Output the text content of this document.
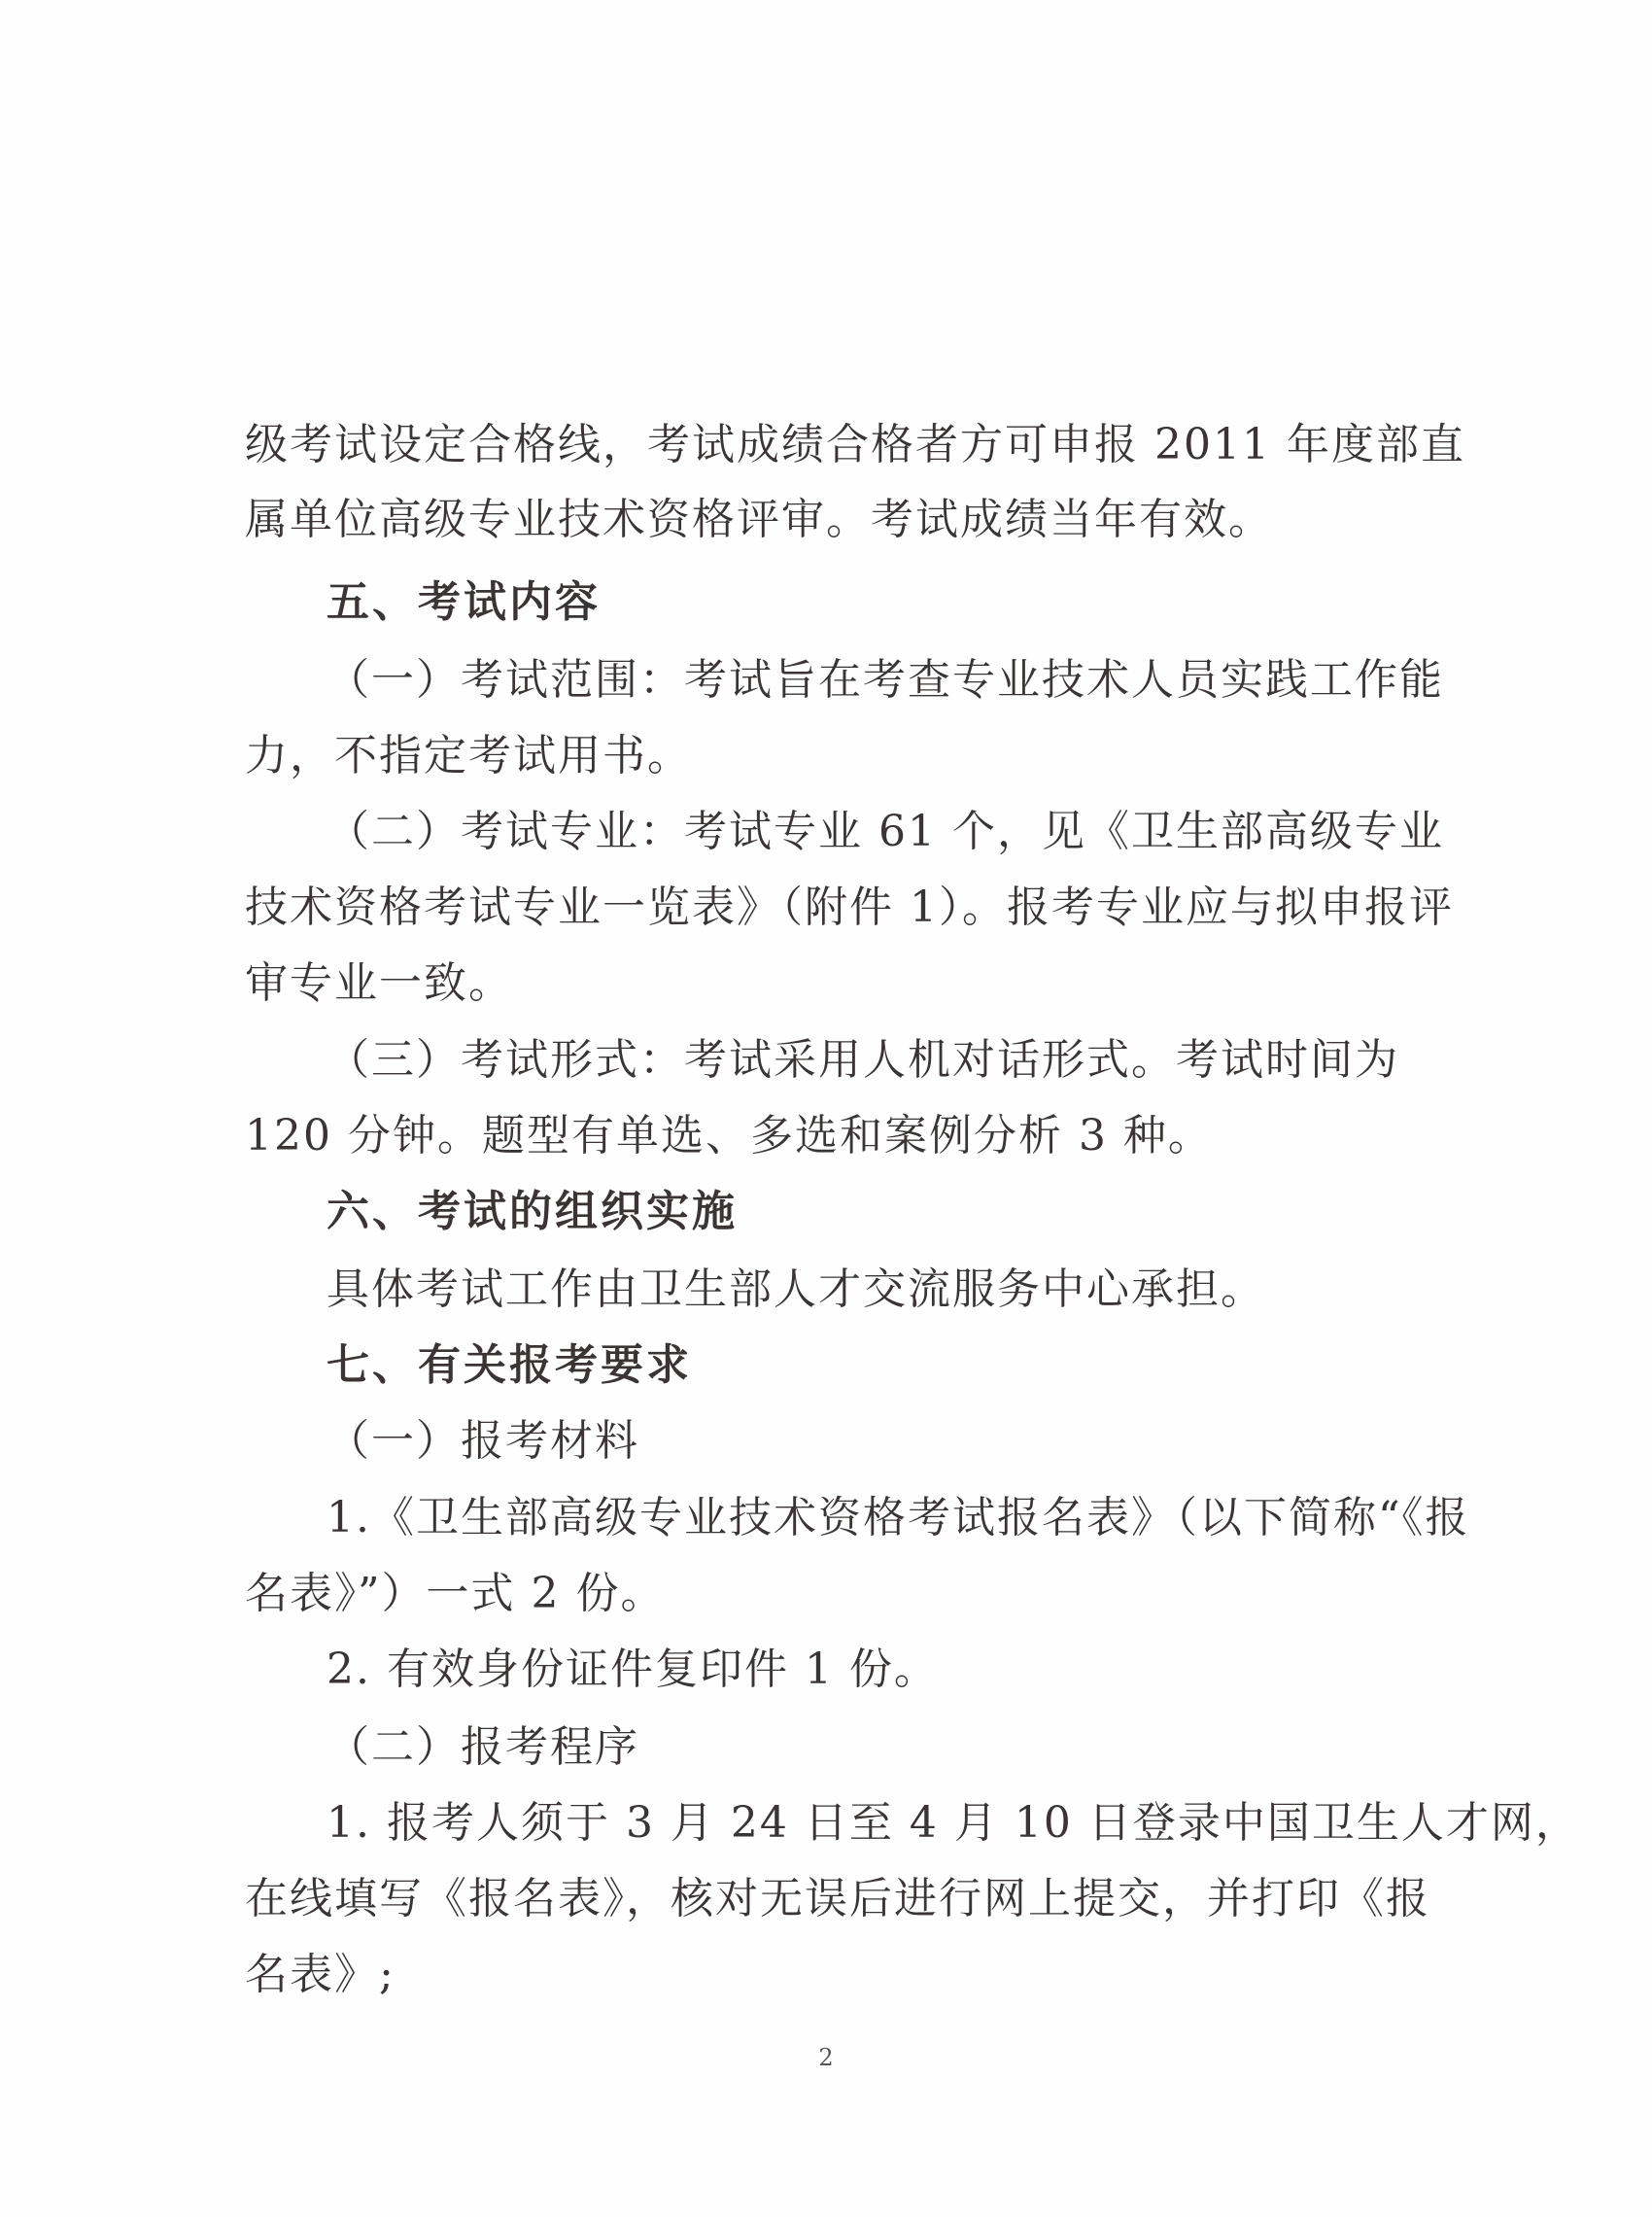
级考试设定合格线，考试成绩合格者方可申报 2011 年度部直
属单位高级专业技术资格评审。考试成绩当年有效。
五、考试内容
（一）考试范围：考试旨在考查专业技术人员实践工作能
力，不指定考试用书。
（二）考试专业：考试专业 61 个，见《卫生部高级专业
技术资格考试专业一览表》（附件 1）。报考专业应与拟申报评
审专业一致。
（三）考试形式：考试采用人机对话形式。考试时间为
120 分钟。题型有单选、多选和案例分析 3 种。
六、考试的组织实施
具体考试工作由卫生部人才交流服务中心承担。
七、有关报考要求
（一）报考材料
1.《卫生部高级专业技术资格考试报名表》（以下简称“《报
名表》”）一式 2 份。
2. 有效身份证件复印件 1 份。
（二）报考程序
1. 报考人须于 3 月 24 日至 4 月 10 日登录中国卫生人才网，
在线填写《报名表》，核对无误后进行网上提交，并打印《报
名表》;
2
